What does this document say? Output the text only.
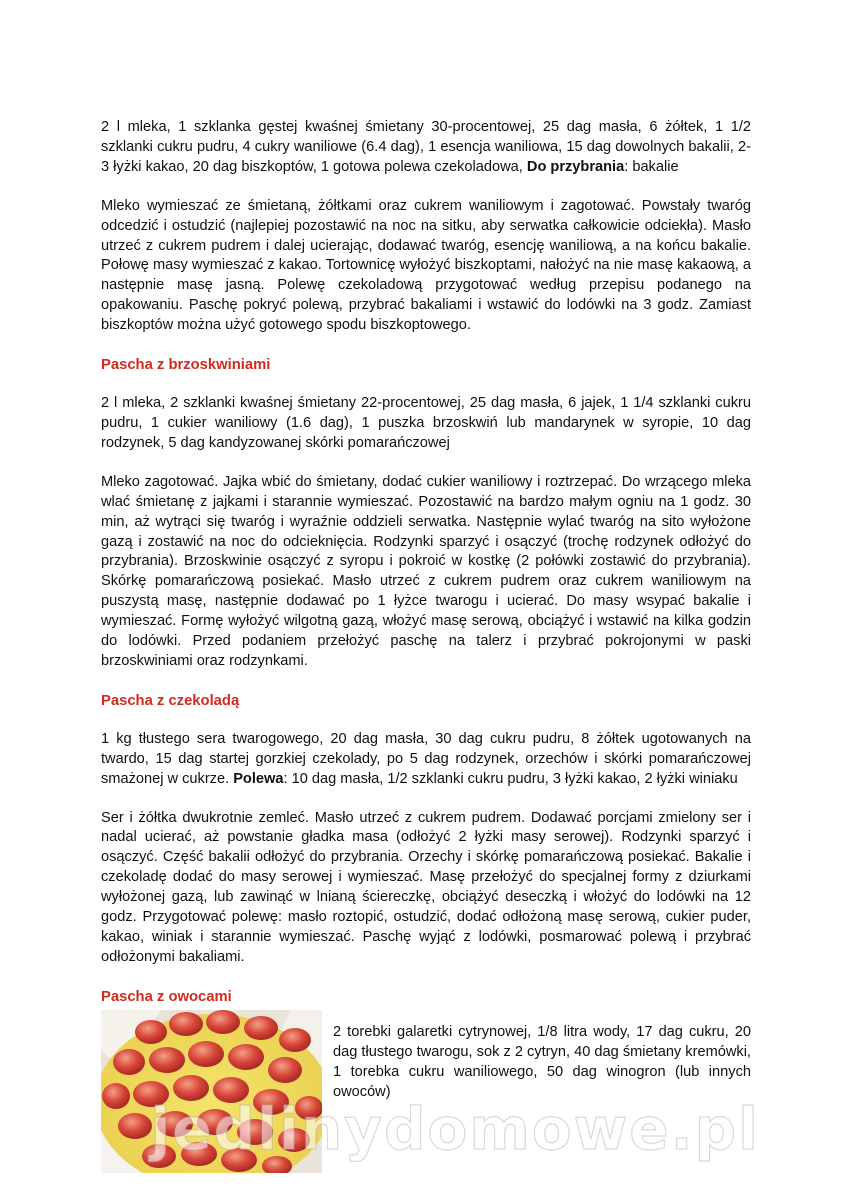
2 l mleka, 1 szklanka gęstej kwaśnej śmietany 30-procentowej, 25 dag masła, 6 żółtek, 1 1/2 szklanki cukru pudru, 4 cukry waniliowe (6.4 dag), 1 esencja waniliowa, 15 dag dowolnych bakalii, 2-3 łyżki kakao, 20 dag biszkoptów, 1 gotowa polewa czekoladowa, Do przybrania: bakalie

Mleko wymieszać ze śmietaną, żółtkami oraz cukrem waniliowym i zagotować. Powstały twaróg odcedzić i ostudzić (najlepiej pozostawić na noc na sitku, aby serwatka całkowicie odciekła). Masło utrzeć z cukrem pudrem i dalej ucierając, dodawać twaróg, esencję waniliową, a na końcu bakalie. Połowę masy wymieszać z kakao. Tortownicę wyłożyć biszkoptami, nałożyć na nie masę kakaową, a następnie masę jasną. Polewę czekoladową przygotować według przepisu podanego na opakowaniu. Paschę pokryć polewą, przybrać bakaliami i wstawić do lodówki na 3 godz. Zamiast biszkoptów można użyć gotowego spodu biszkoptowego.

Pascha z brzoskwiniami

2 l mleka, 2 szklanki kwaśnej śmietany 22-procentowej, 25 dag masła, 6 jajek, 1 1/4 szklanki cukru pudru, 1 cukier waniliowy (1.6 dag), 1 puszka brzoskwiń lub mandarynek w syropie, 10 dag rodzynek, 5 dag kandyzowanej skórki pomarańczowej

Mleko zagotować. Jajka wbić do śmietany, dodać cukier waniliowy i roztrzepać. Do wrzącego mleka wlać śmietanę z jajkami i starannie wymieszać. Pozostawić na bardzo małym ogniu na 1 godz. 30 min, aż wytrąci się twaróg i wyraźnie oddzieli serwatka. Następnie wylać twaróg na sito wyłożone gazą i zostawić na noc do odcieknięcia. Rodzynki sparzyć i osączyć (trochę rodzynek odłożyć do przybrania). Brzoskwinie osączyć z syropu i pokroić w kostkę (2 połówki zostawić do przybrania). Skórkę pomarańczową posiekać. Masło utrzeć z cukrem pudrem oraz cukrem waniliowym na puszystą masę, następnie dodawać po 1 łyżce twarogu i ucierać. Do masy wsypać bakalie i wymieszać. Formę wyłożyć wilgotną gazą, włożyć masę serową, obciążyć i wstawić na kilka godzin do lodówki. Przed podaniem przełożyć paschę na talerz i przybrać pokrojonymi w paski brzoskwiniami oraz rodzynkami.

Pascha z czekoladą

1 kg tłustego sera twarogowego, 20 dag masła, 30 dag cukru pudru, 8 żółtek ugotowanych na twardo, 15 dag startej gorzkiej czekolady, po 5 dag rodzynek, orzechów i skórki pomarańczowej smażonej w cukrze. Polewa: 10 dag masła, 1/2 szklanki cukru pudru, 3 łyżki kakao, 2 łyżki winiaku

Ser i żółtka dwukrotnie zemleć. Masło utrzeć z cukrem pudrem. Dodawać porcjami zmielony ser i nadal ucierać, aż powstanie gładka masa (odłożyć 2 łyżki masy serowej). Rodzynki sparzyć i osączyć. Część bakalii odłożyć do przybrania. Orzechy i skórkę pomarańczową posiekać. Bakalie i czekoladę dodać do masy serowej i wymieszać. Masę przełożyć do specjalnej formy z dziurkami wyłożonej gazą, lub zawinąć w lnianą ściereczkę, obciążyć deseczką i włożyć do lodówki na 12 godz. Przygotować polewę: masło roztopić, ostudzić, dodać odłożoną masę serową, cukier puder, kakao, winiak i starannie wymieszać. Paschę wyjąć z lodówki, posmarować polewą i przybrać odłożonymi bakaliami.

Pascha z owocami

2 torebki galaretki cytrynowej, 1/8 litra wody, 17 dag cukru, 20 dag tłustego twarogu, sok z 2 cytryn, 40 dag śmietany kremówki, 1 torebka cukru waniliowego, 50 dag winogron (lub innych owoców)

jedlinydomowe.pl
